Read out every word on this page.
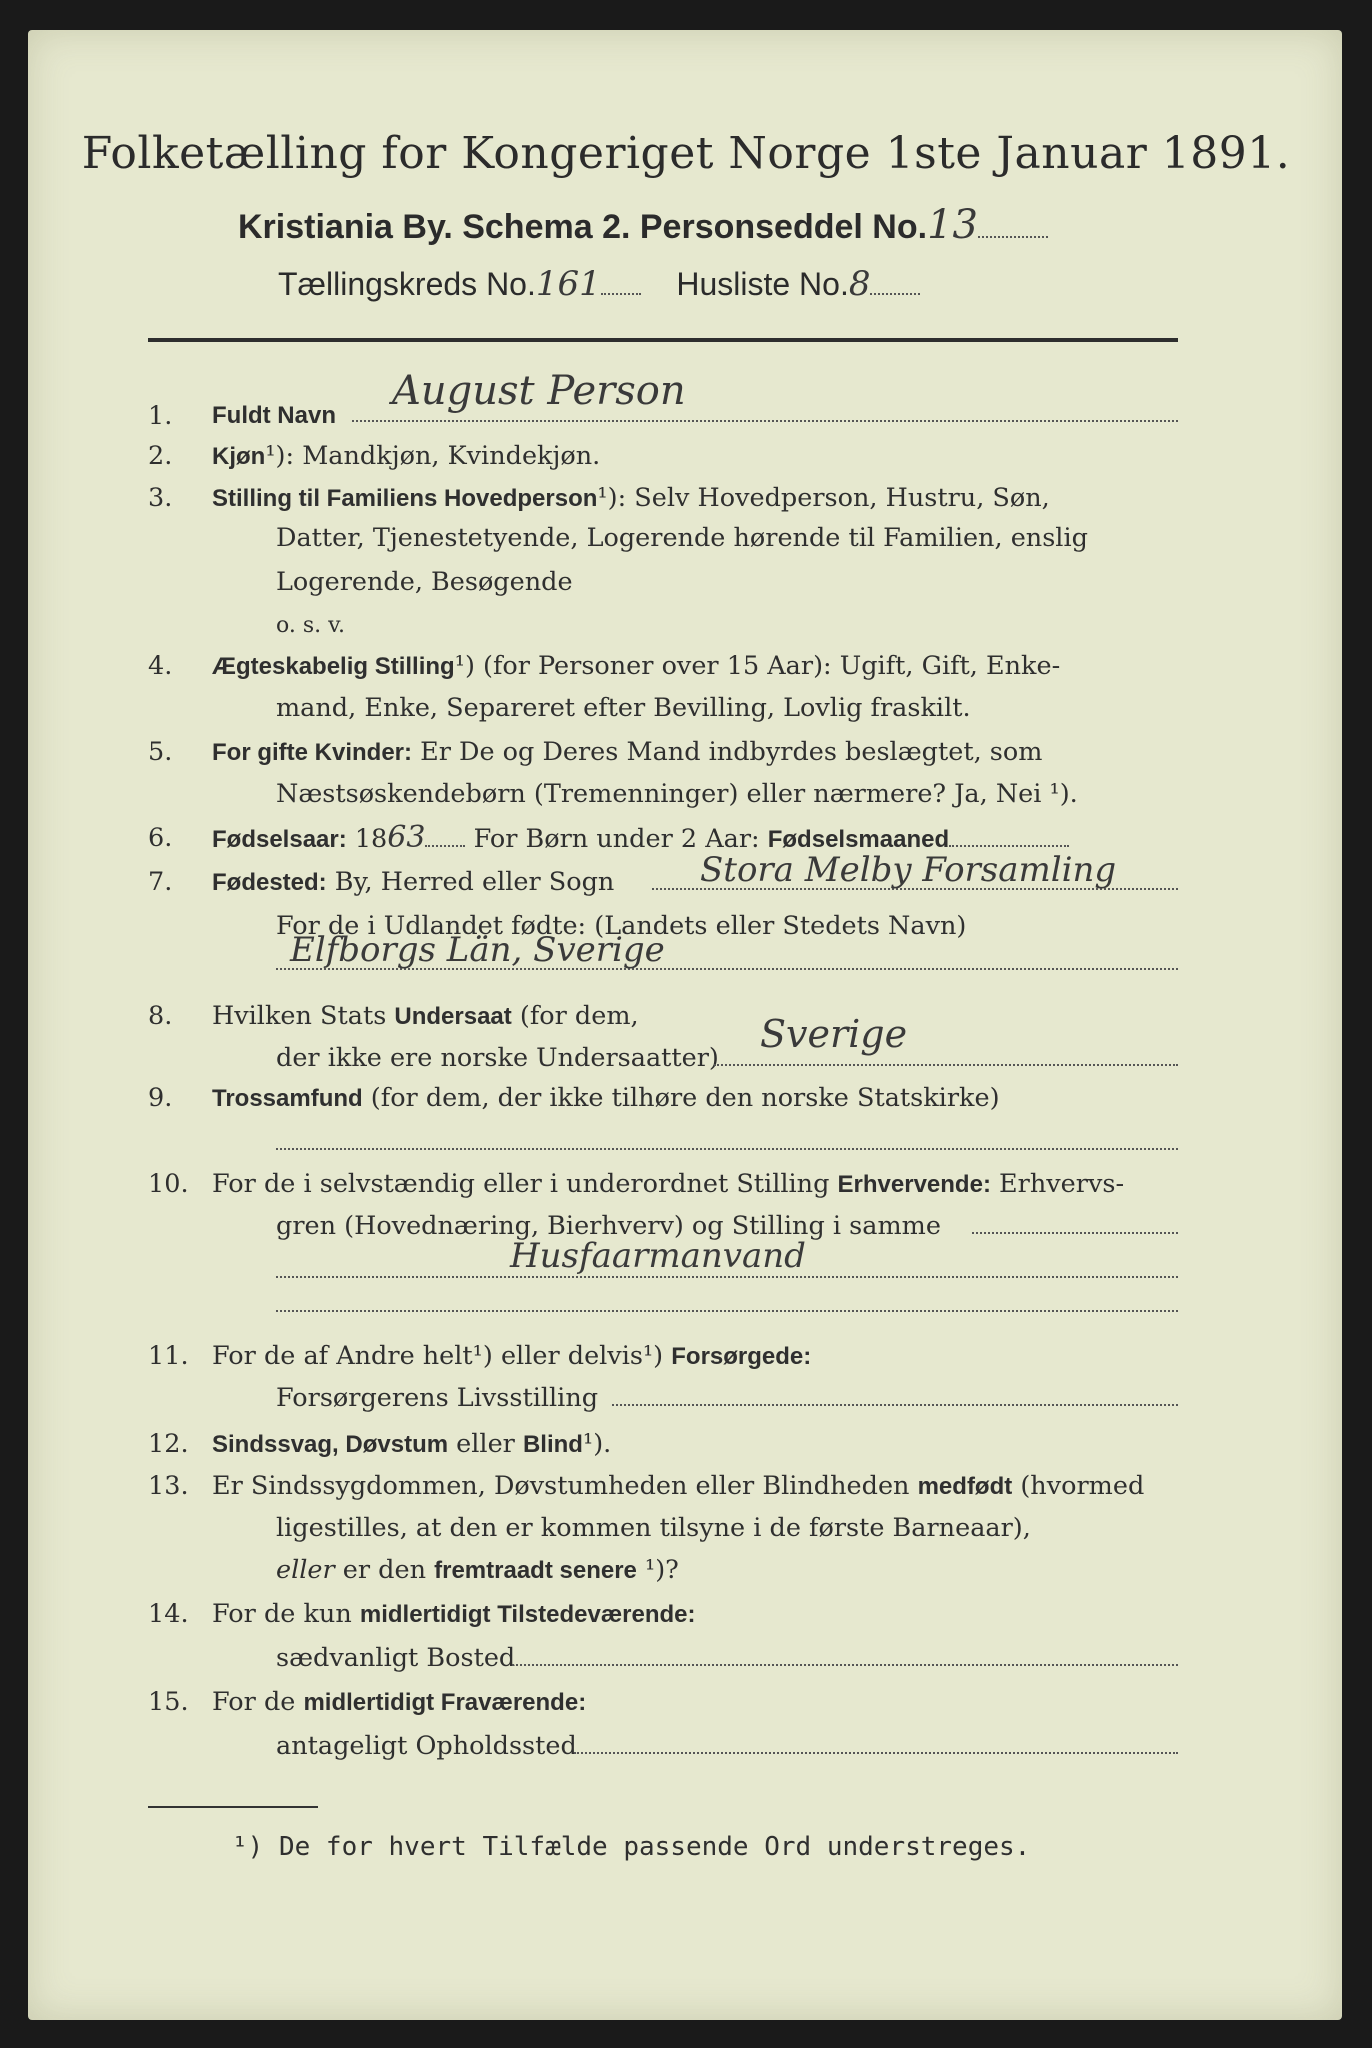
Folketælling for Kongeriget Norge 1ste Januar 1891.
Kristiania By. Schema 2. Personseddel No.13
Tællingskreds No.161 Husliste No.8
1.	Fuldt Navn
August Person
2.	Kjøn¹): Mandkjøn, Kvindekjøn.
3.	Stilling til Familiens Hovedperson¹): Selv Hovedperson, Hustru, Søn,
Datter, Tjenestetyende, Logerende hørende til Familien, enslig
Logerende, Besøgende
o. s. v.
4.	Ægteskabelig Stilling¹) (for Personer over 15 Aar): Ugift, Gift, Enke-
mand, Enke, Separeret efter Bevilling, Lovlig fraskilt.
5.	For gifte Kvinder: Er De og Deres Mand indbyrdes beslægtet, som
Næstsøskendebørn (Tremenninger) eller nærmere? Ja, Nei ¹).
6.	Fødselsaar: 1863 For Børn under 2 Aar: Fødselsmaaned
7.	Fødested: By, Herred eller Sogn	Stora Melby Forsamling
For de i Udlandet fødte: (Landets eller Stedets Navn)
Elfborgs Län, Sverige
8.	Hvilken Stats Undersaat (for dem,
der ikke ere norske Undersaatter)
Sverige
9.	Trossamfund (for dem, der ikke tilhøre den norske Statskirke)
10. For de i selvstændig eller i underordnet Stilling Erhvervende: Erhvervs-
gren (Hovednæring, Bierhverv) og Stilling i samme
Husfaarmanvand
11. For de af Andre helt¹) eller delvis¹) Forsørgede:
Forsørgerens Livsstilling
12. Sindssvag, Døvstum eller Blind¹).
13. Er Sindssygdommen, Døvstumheden eller Blindheden medfødt (hvormed
ligestilles, at den er kommen tilsyne i de første Barneaar),
eller er den fremtraadt senere ¹)?
14. For de kun midlertidigt Tilstedeværende:
sædvanligt Bosted
15. For de midlertidigt Fraværende:
antageligt Opholdssted
¹) De for hvert Tilfælde passende Ord understreges.
